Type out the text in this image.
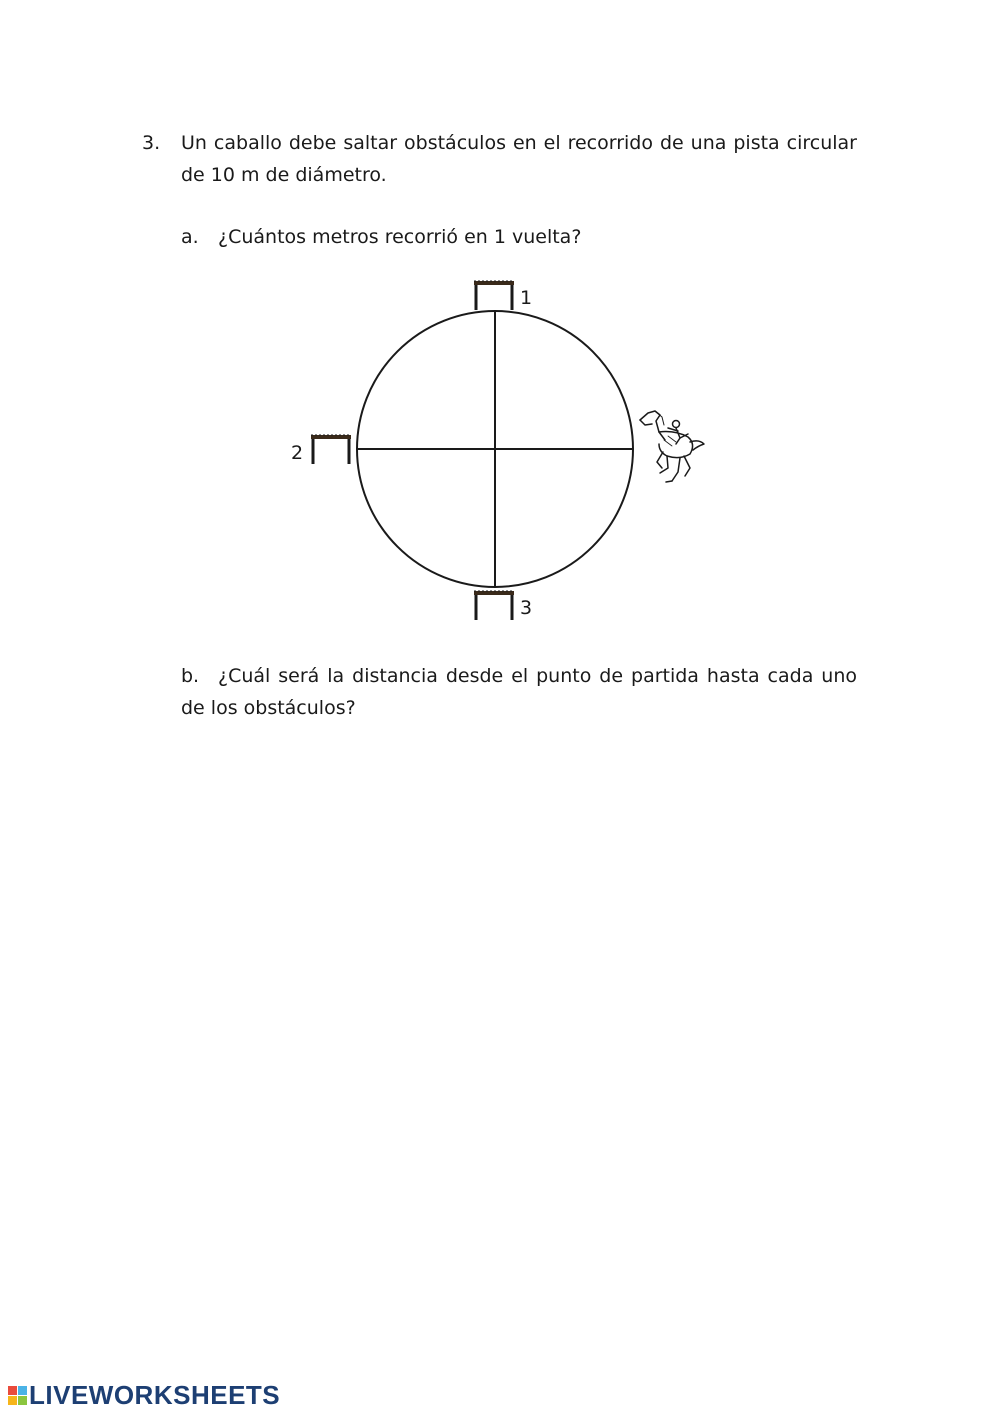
3. Un caballo debe saltar obstáculos en el recorrido de una pista circular de 10 m de diámetro.
a. ¿Cuántos metros recorrió en 1 vuelta?
1
2
3
b. ¿Cuál será la distancia desde el punto de partida hasta cada uno de los obstáculos?
LIVEWORKSHEETS
